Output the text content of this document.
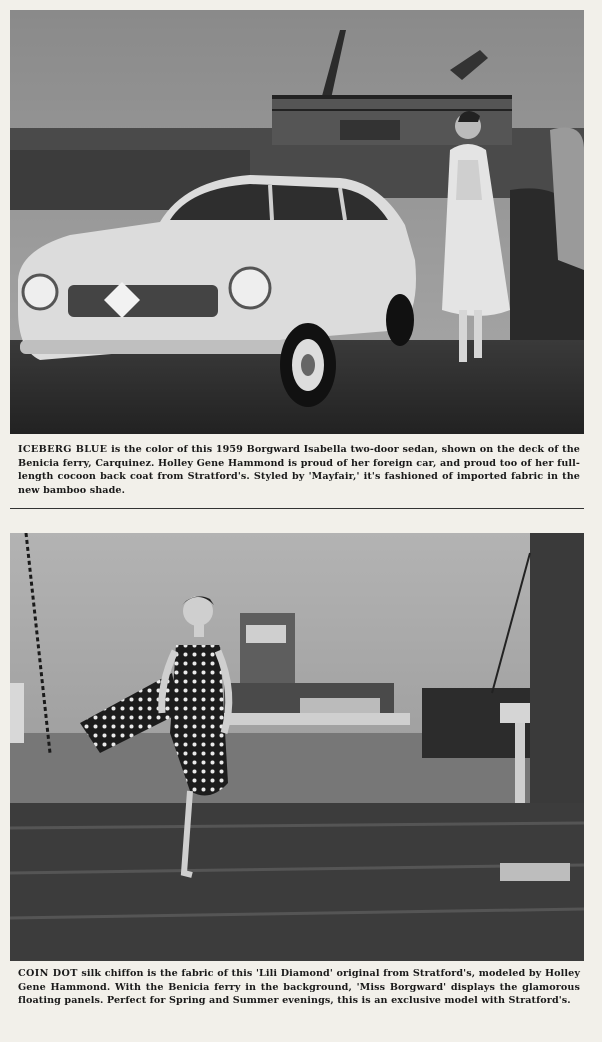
ICEBERG BLUE is the color of this 1959 Borgward Isabella two-door sedan, shown on the deck of the Benicia ferry, Carquinez. Holley Gene Hammond is proud of her foreign car, and proud too of her full-length cocoon back coat from Stratford's. Styled by 'Mayfair,' it's fashioned of imported fabric in the new bamboo shade.
COIN DOT silk chiffon is the fabric of this 'Lili Diamond' original from Stratford's, modeled by Holley Gene Hammond. With the Benicia ferry in the background, 'Miss Borgward' displays the glamorous floating panels. Perfect for Spring and Summer evenings, this is an exclusive model with Stratford's.
